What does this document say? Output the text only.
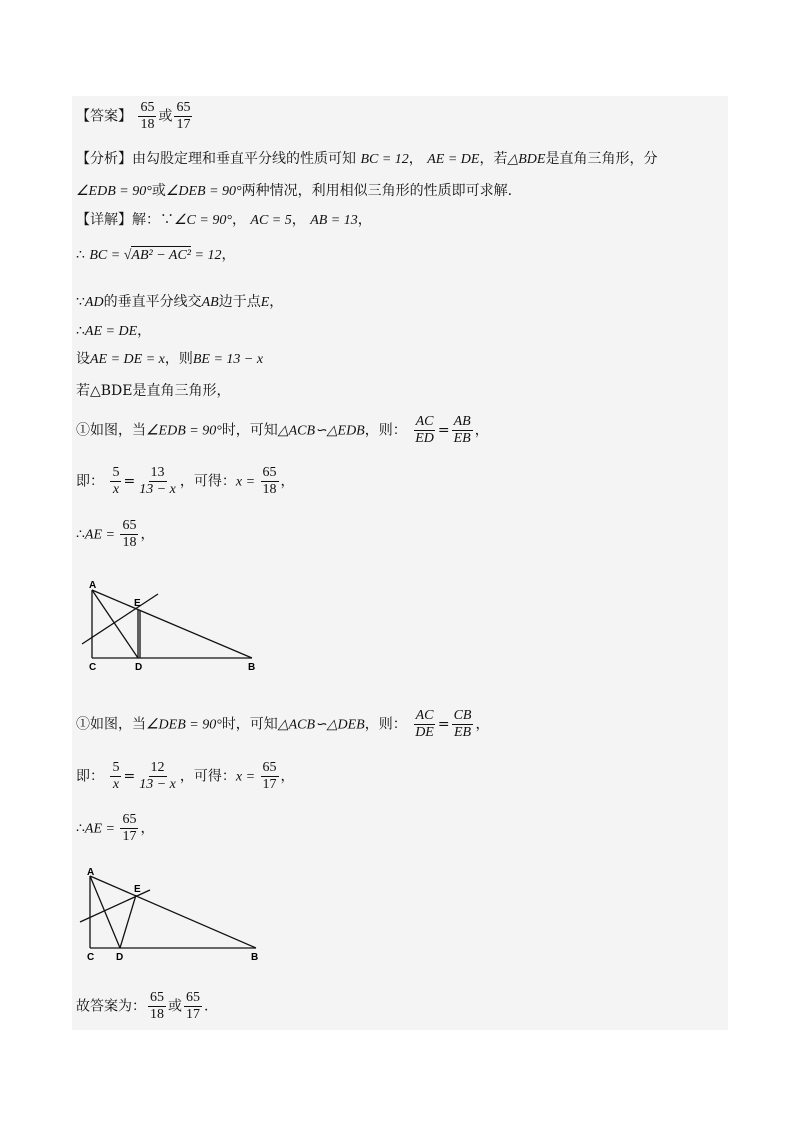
【答案】 $\frac{65}{18}$ 或 $\frac{65}{17}$
【分析】由勾股定理和垂直平分线的性质可知 BC = 12， AE = DE，若△BDE是直角三角形，分
∠EDB = 90°或∠DEB = 90°两种情况，利用相似三角形的性质即可求解.
【详解】解：∵∠C = 90°， AC = 5， AB = 13，
∴ BC = √AB² − AC² = 12，
∵AD的垂直平分线交AB边于点E，
∴AE = DE，
设AE = DE = x，则BE = 13 − x
若△BDE是直角三角形，
①如图，当∠EDB = 90°时，可知△ACB∽△EDB，则： $\frac{AC}{ED} = \frac{AB}{EB}$ ，
即： $\frac{5}{x} = \frac{13}{13 - x}$ ，可得：$x = \frac{65}{18}$ ，
∴AE = $\frac{65}{18}$ ，
A
E
C	D	B
①如图，当∠DEB = 90°时，可知△ACB∽△DEB，则： $\frac{AC}{DE} = \frac{CB}{EB}$ ，
即： $\frac{5}{x} = \frac{12}{13 - x}$ ，可得：$x = \frac{65}{17}$ ，
∴AE = $\frac{65}{17}$ ，
A
E
C D	B
故答案为： $\frac{65}{18}$ 或 $\frac{65}{17}$ .
